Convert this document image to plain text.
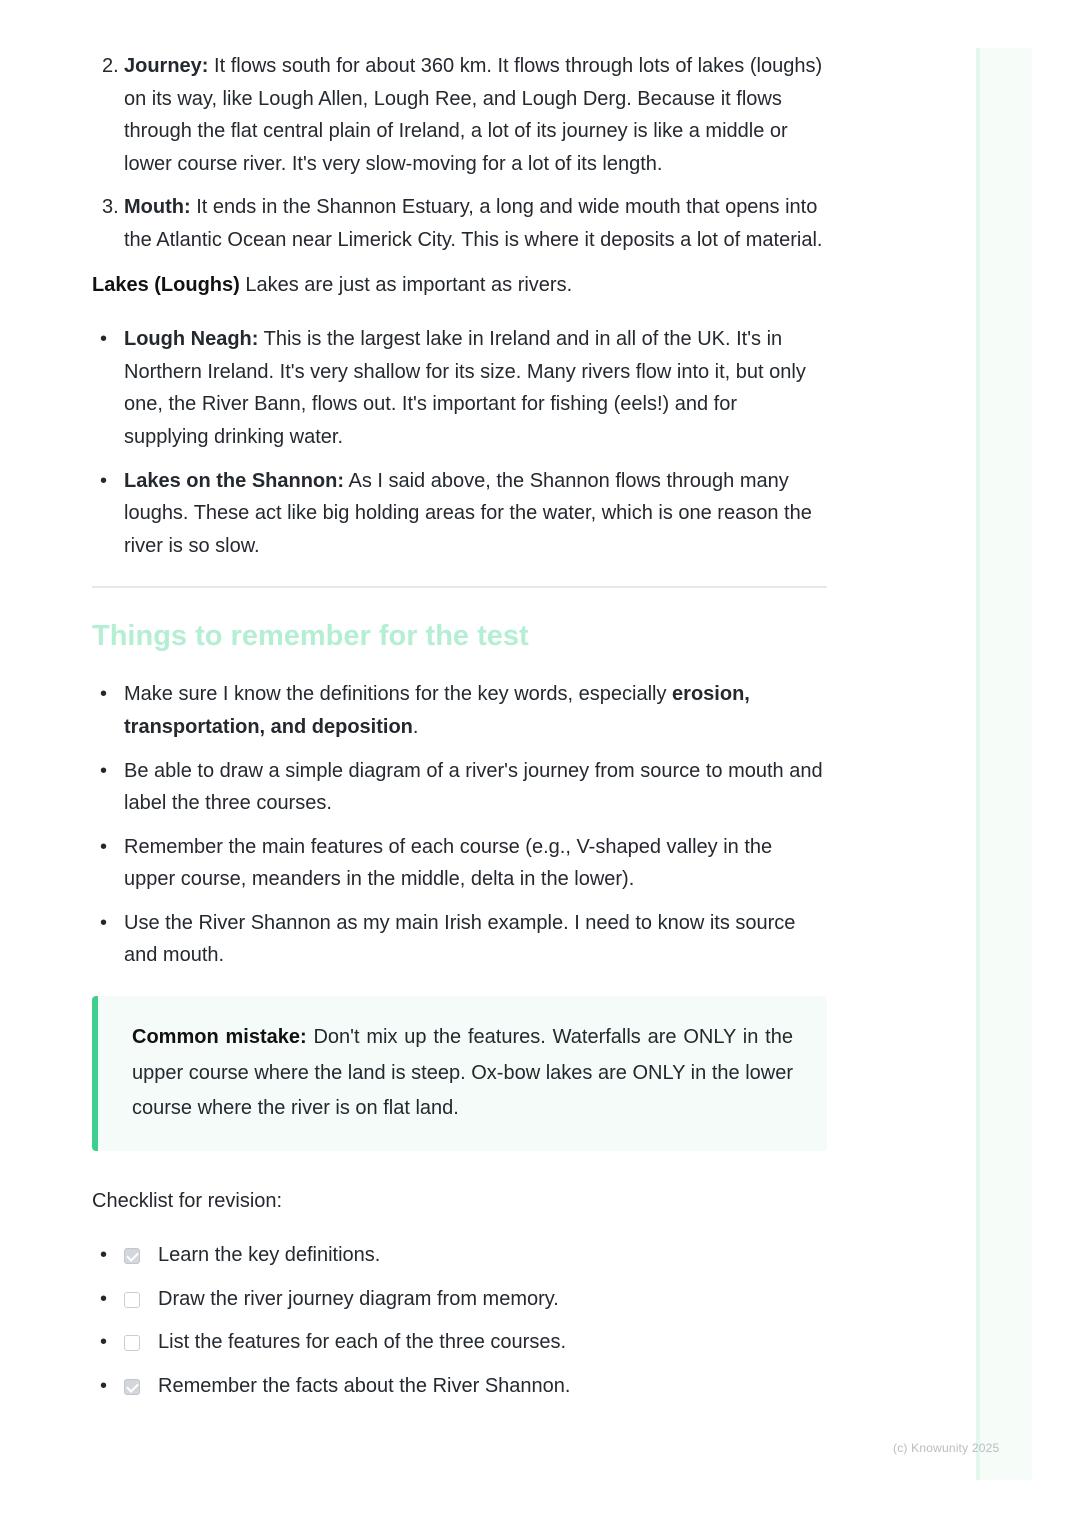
2. Journey: It flows south for about 360 km. It flows through lots of lakes (loughs) on its way, like Lough Allen, Lough Ree, and Lough Derg. Because it flows through the flat central plain of Ireland, a lot of its journey is like a middle or lower course river. It's very slow-moving for a lot of its length.
3. Mouth: It ends in the Shannon Estuary, a long and wide mouth that opens into the Atlantic Ocean near Limerick City. This is where it deposits a lot of material.
Lakes (Loughs) Lakes are just as important as rivers.
• Lough Neagh: This is the largest lake in Ireland and in all of the UK. It's in Northern Ireland. It's very shallow for its size. Many rivers flow into it, but only one, the River Bann, flows out. It's important for fishing (eels!) and for supplying drinking water.
• Lakes on the Shannon: As I said above, the Shannon flows through many loughs. These act like big holding areas for the water, which is one reason the river is so slow.
Things to remember for the test
• Make sure I know the definitions for the key words, especially erosion, transportation, and deposition.
• Be able to draw a simple diagram of a river's journey from source to mouth and label the three courses.
• Remember the main features of each course (e.g., V-shaped valley in the upper course, meanders in the middle, delta in the lower).
• Use the River Shannon as my main Irish example. I need to know its source and mouth.
Common mistake: Don't mix up the features. Waterfalls are ONLY in the upper course where the land is steep. Ox-bow lakes are ONLY in the lower course where the river is on flat land.
Checklist for revision:
•	Learn the key definitions.
•	Draw the river journey diagram from memory.
•	List the features for each of the three courses.
•	Remember the facts about the River Shannon.
(c) Knowunity 2025
